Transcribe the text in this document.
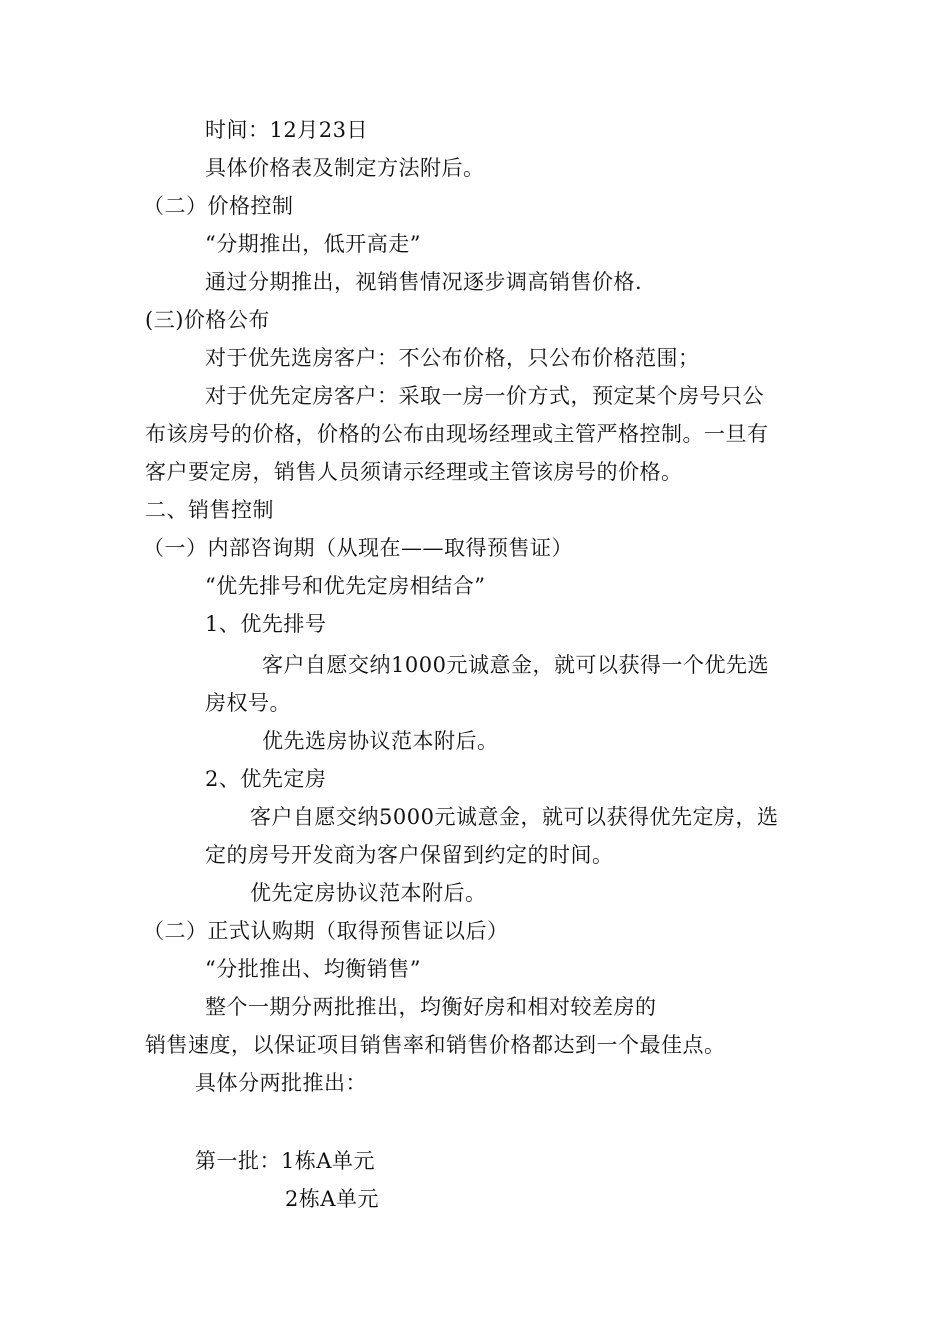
时间：12月23日
具体价格表及制定方法附后。
（二）价格控制
“分期推出，低开高走”
通过分期推出，视销售情况逐步调高销售价格.
(三)价格公布
对于优先选房客户：不公布价格，只公布价格范围；
对于优先定房客户：采取一房一价方式，预定某个房号只公
布该房号的价格，价格的公布由现场经理或主管严格控制。一旦有
客户要定房，销售人员须请示经理或主管该房号的价格。
二、销售控制
（一）内部咨询期（从现在——取得预售证）
“优先排号和优先定房相结合”
1、优先排号
客户自愿交纳1000元诚意金，就可以获得一个优先选
房权号。
优先选房协议范本附后。
2、优先定房
客户自愿交纳5000元诚意金，就可以获得优先定房，选
定的房号开发商为客户保留到约定的时间。
优先定房协议范本附后。
（二）正式认购期（取得预售证以后）
“分批推出、均衡销售”
整个一期分两批推出，均衡好房和相对较差房的
销售速度，以保证项目销售率和销售价格都达到一个最佳点。
具体分两批推出：
第一批：1栋A单元
2栋A单元
